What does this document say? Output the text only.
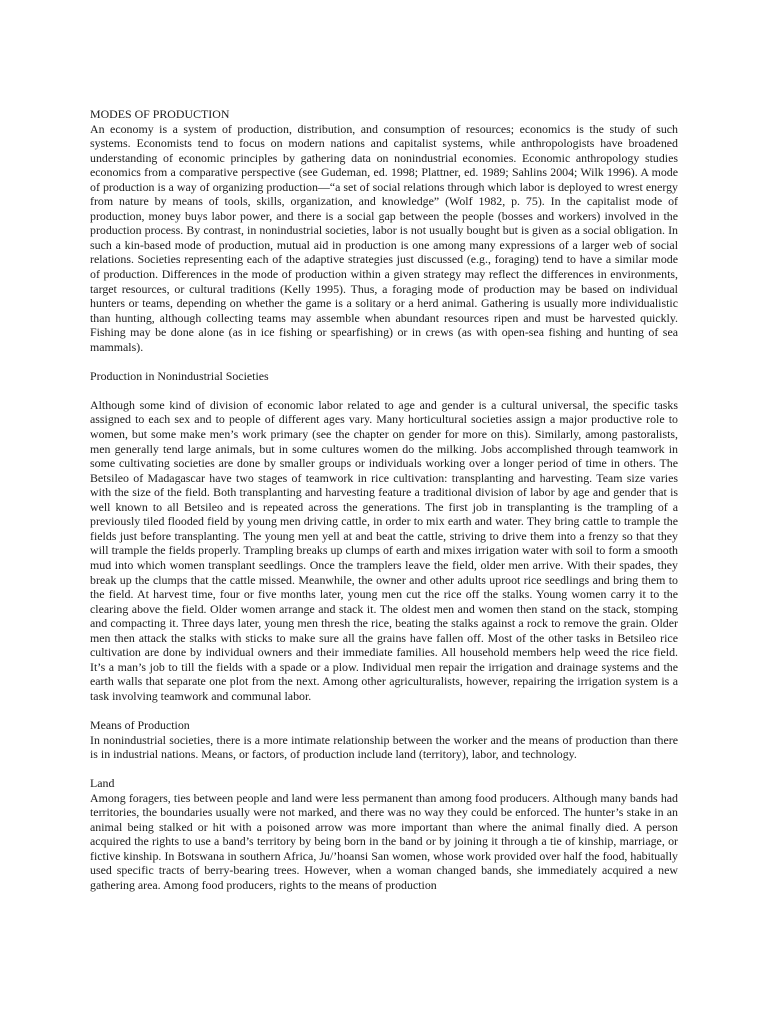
MODES OF PRODUCTION

An economy is a system of production, distribution, and consumption of resources; economics is the study of such systems. Economists tend to focus on modern nations and capitalist systems, while anthropologists have broadened understanding of economic principles by gathering data on nonindustrial economies. Economic anthropology studies economics from a comparative perspective (see Gudeman, ed. 1998; Plattner, ed. 1989; Sahlins 2004; Wilk 1996). A mode of production is a way of organizing production—“a set of social relations through which labor is deployed to wrest energy from nature by means of tools, skills, organization, and knowledge” (Wolf 1982, p. 75). In the capitalist mode of production, money buys labor power, and there is a social gap between the people (bosses and workers) involved in the production process. By contrast, in nonindustrial societies, labor is not usually bought but is given as a social obligation. In such a kin-based mode of production, mutual aid in production is one among many expressions of a larger web of social relations. Societies representing each of the adaptive strategies just discussed (e.g., foraging) tend to have a similar mode of production. Differences in the mode of production within a given strategy may reflect the differences in environments, target resources, or cultural traditions (Kelly 1995). Thus, a foraging mode of production may be based on individual hunters or teams, depending on whether the game is a solitary or a herd animal. Gathering is usually more individualistic than hunting, although collecting teams may assemble when abundant resources ripen and must be harvested quickly. Fishing may be done alone (as in ice fishing or spearfishing) or in crews (as with open-sea fishing and hunting of sea mammals).

Production in Nonindustrial Societies

Although some kind of division of economic labor related to age and gender is a cultural universal, the specific tasks assigned to each sex and to people of different ages vary. Many horticultural societies assign a major productive role to women, but some make men’s work primary (see the chapter on gender for more on this). Similarly, among pastoralists, men generally tend large animals, but in some cultures women do the milking. Jobs accomplished through teamwork in some cultivating societies are done by smaller groups or individuals working over a longer period of time in others. The Betsileo of Madagascar have two stages of teamwork in rice cultivation: transplanting and harvesting. Team size varies with the size of the field. Both transplanting and harvesting feature a traditional division of labor by age and gender that is well known to all Betsileo and is repeated across the generations. The first job in transplanting is the trampling of a previously tiled flooded field by young men driving cattle, in order to mix earth and water. They bring cattle to trample the fields just before transplanting. The young men yell at and beat the cattle, striving to drive them into a frenzy so that they will trample the fields properly. Trampling breaks up clumps of earth and mixes irrigation water with soil to form a smooth mud into which women transplant seedlings. Once the tramplers leave the field, older men arrive. With their spades, they break up the clumps that the cattle missed. Meanwhile, the owner and other adults uproot rice seedlings and bring them to the field. At harvest time, four or five months later, young men cut the rice off the stalks. Young women carry it to the clearing above the field. Older women arrange and stack it. The oldest men and women then stand on the stack, stomping and compacting it. Three days later, young men thresh the rice, beating the stalks against a rock to remove the grain. Older men then attack the stalks with sticks to make sure all the grains have fallen off. Most of the other tasks in Betsileo rice cultivation are done by individual owners and their immediate families. All household members help weed the rice field. It’s a man’s job to till the fields with a spade or a plow. Individual men repair the irrigation and drainage systems and the earth walls that separate one plot from the next. Among other agriculturalists, however, repairing the irrigation system is a task involving teamwork and communal labor.

Means of Production

In nonindustrial societies, there is a more intimate relationship between the worker and the means of production than there is in industrial nations. Means, or factors, of production include land (territory), labor, and technology.

Land

Among foragers, ties between people and land were less permanent than among food producers. Although many bands had territories, the boundaries usually were not marked, and there was no way they could be enforced. The hunter’s stake in an animal being stalked or hit with a poisoned arrow was more important than where the animal finally died. A person acquired the rights to use a band’s territory by being born in the band or by joining it through a tie of kinship, marriage, or fictive kinship. In Botswana in southern Africa, Ju/’hoansi San women, whose work provided over half the food, habitually used specific tracts of berry-bearing trees. However, when a woman changed bands, she immediately acquired a new gathering area. Among food producers, rights to the means of production
